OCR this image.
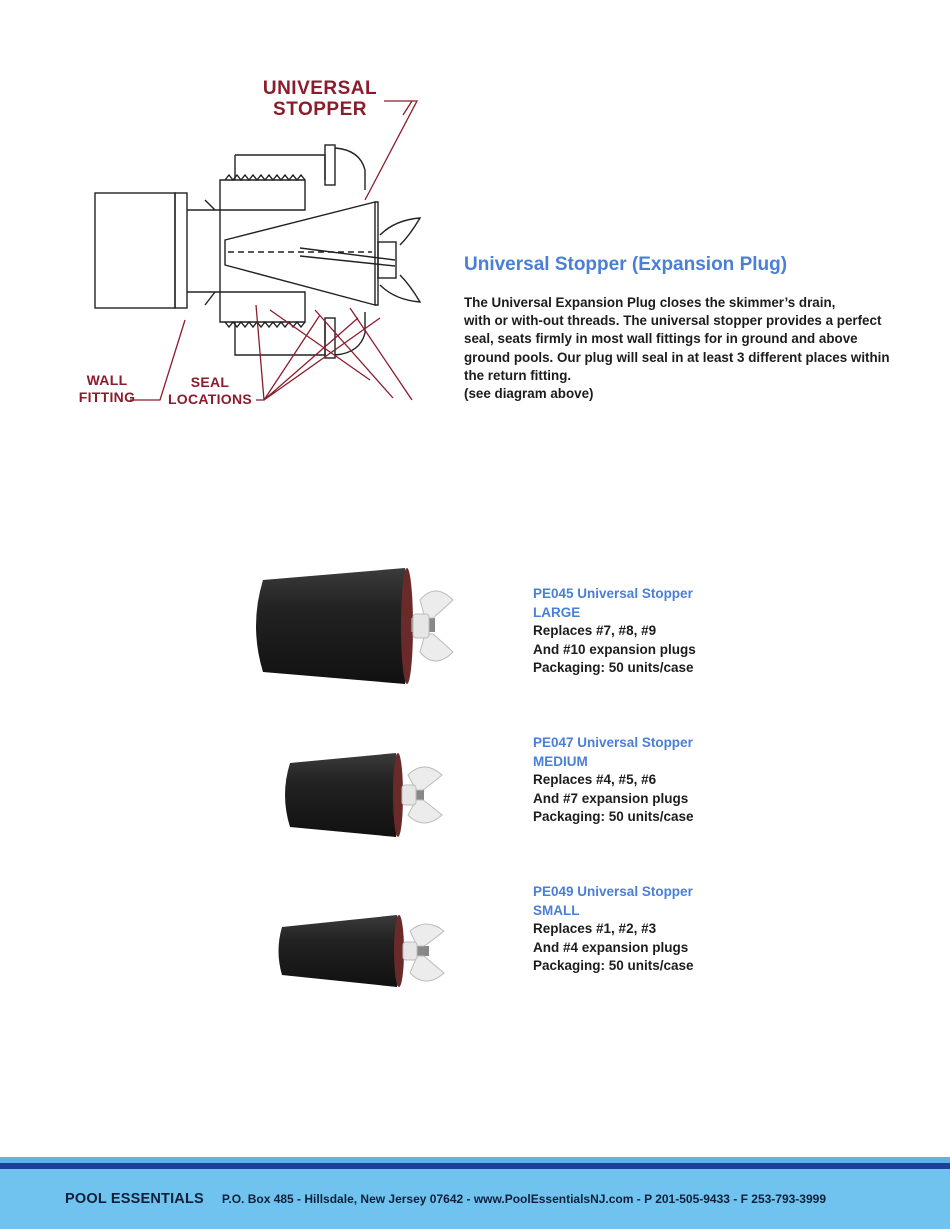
UNIVERSAL
STOPPER
WALL
FITTING
SEAL
LOCATIONS
Universal Stopper (Expansion Plug)

The Universal Expansion Plug closes the skimmer’s drain,
with or with-out threads. The universal stopper provides a perfect
seal, seats firmly in most wall fittings for in ground and above
ground pools. Our plug will seal in at least 3 different places within
the return fitting.
(see diagram above)

PE045 Universal Stopper
LARGE
Replaces #7, #8, #9
And #10 expansion plugs
Packaging: 50 units/case
PE047 Universal Stopper
MEDIUM
Replaces #4, #5, #6
And #7 expansion plugs
Packaging: 50 units/case
PE049 Universal Stopper
SMALL
Replaces #1, #2, #3
And #4 expansion plugs
Packaging: 50 units/case
POOL ESSENTIALS P.O. Box 485 - Hillsdale, New Jersey 07642 - www.PoolEssentialsNJ.com - P 201-505-9433 - F 253-793-3999
